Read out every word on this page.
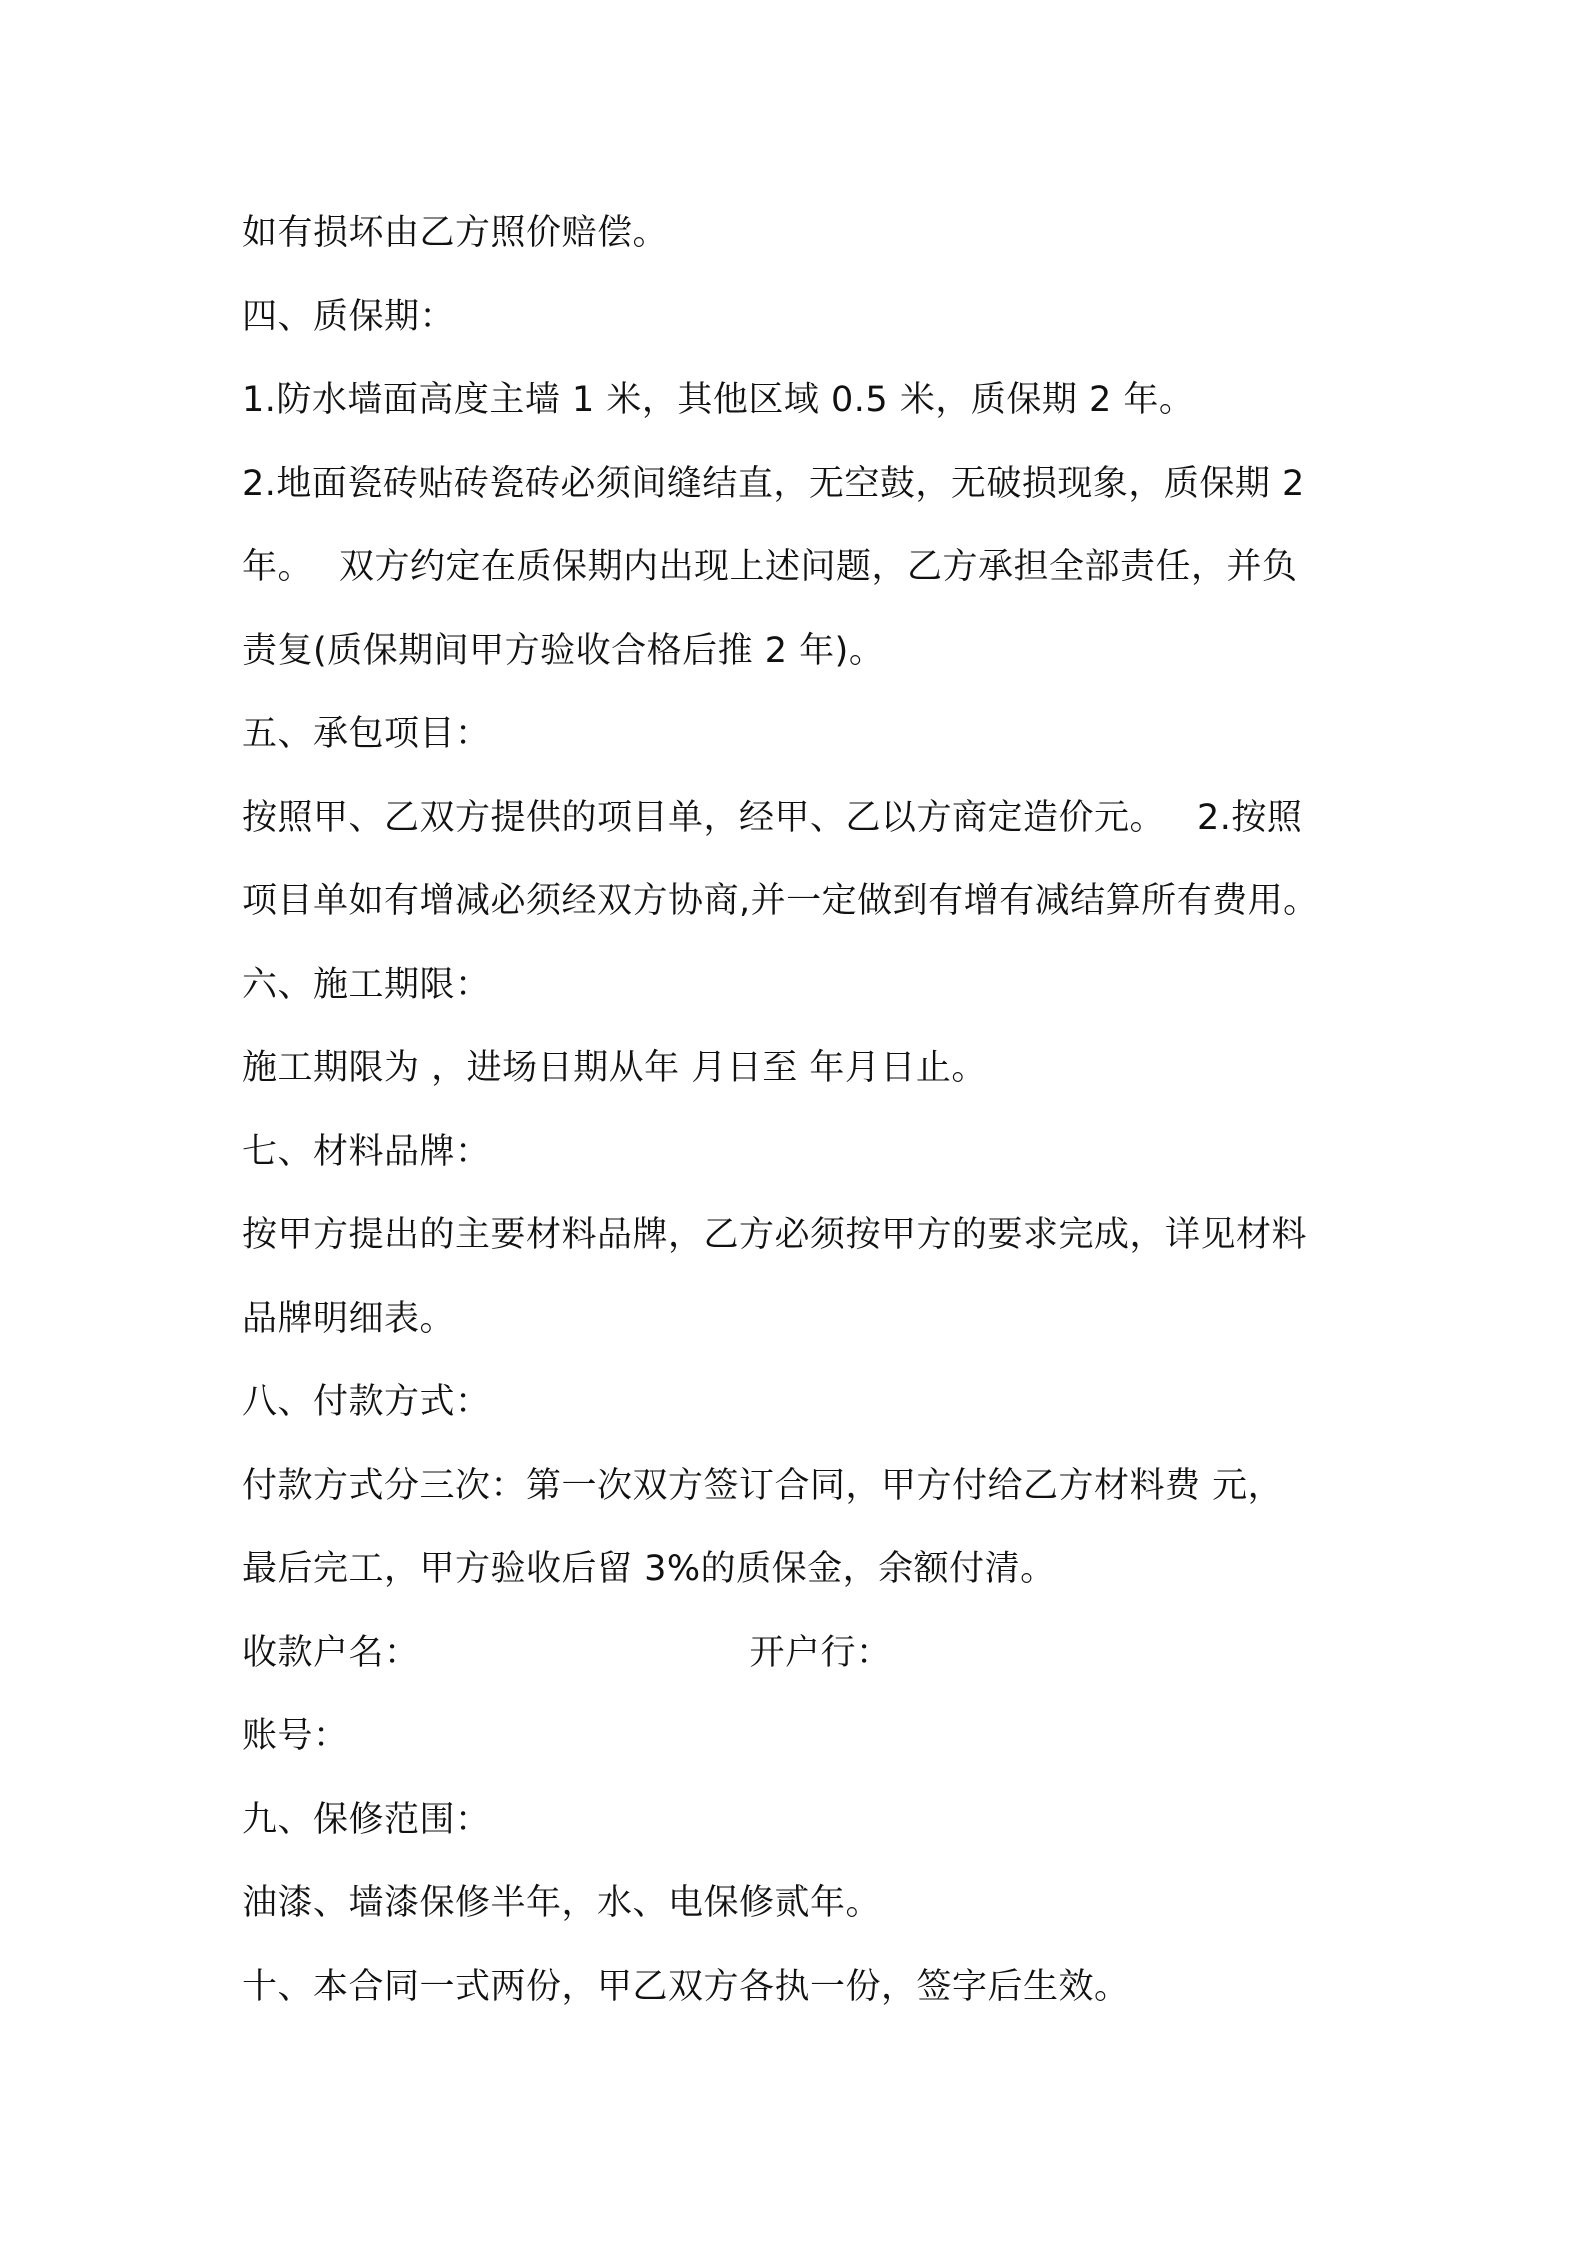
如有损坏由乙方照价赔偿。
四、质保期：
1.防水墙面高度主墙 1 米，其他区域 0.5 米，质保期 2 年。
2.地面瓷砖贴砖瓷砖必须间缝结直，无空鼓，无破损现象，质保期 2
年。 双方约定在质保期内出现上述问题，乙方承担全部责任，并负
责复(质保期间甲方验收合格后推 2 年)。
五、承包项目：
按照甲、乙双方提供的项目单，经甲、乙以方商定造价元。 2.按照
项目单如有增减必须经双方协商,并一定做到有增有减结算所有费用。
六、施工期限：
施工期限为 ，进场日期从年 月日至 年月日止。
七、材料品牌：
按甲方提出的主要材料品牌，乙方必须按甲方的要求完成，详见材料
品牌明细表。
八、付款方式：
付款方式分三次：第一次双方签订合同，甲方付给乙方材料费 元，
最后完工，甲方验收后留 3%的质保金，余额付清。
收款户名：	开户行：
账号：
九、保修范围：
油漆、墙漆保修半年，水、电保修贰年。
十、本合同一式两份，甲乙双方各执一份，签字后生效。
